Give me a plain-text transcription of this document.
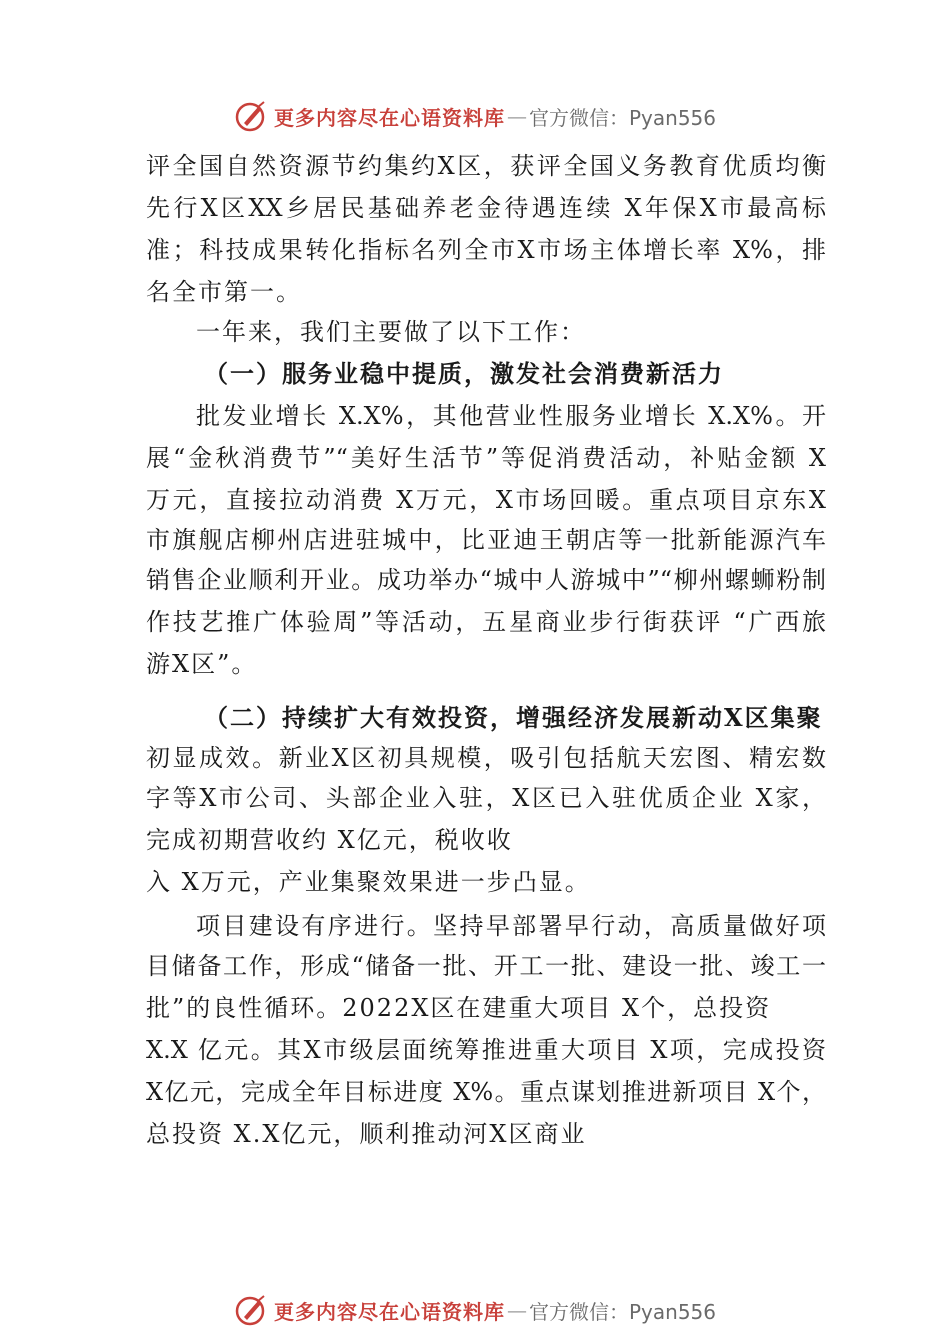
更多内容尽在心语资料库 — 官方微信：Pyan556
评全国自然资源节约集约X区，获评全国义务教育优质均衡
先行X区XX乡居民基础养老金待遇连续 X年保X市最高标
准；科技成果转化指标名列全市X市场主体增长率 X%，排
名全市第一。
一年来，我们主要做了以下工作：
（一）服务业稳中提质，激发社会消费新活力
批发业增长 X.X%，其他营业性服务业增长 X.X%。开
展“金秋消费节”“美好生活节”等促消费活动，补贴金额 X
万元，直接拉动消费 X万元，X市场回暖。重点项目京东X
市旗舰店柳州店进驻城中，比亚迪王朝店等一批新能源汽车
销售企业顺利开业。成功举办“城中人游城中”“柳州螺蛳粉制
作技艺推广体验周”等活动，五星商业步行街获评 “广西旅
游X区”。
（二）持续扩大有效投资，增强经济发展新动X区集聚
初显成效。新业X区初具规模，吸引包括航天宏图、精宏数
字等X市公司、头部企业入驻，X区已入驻优质企业 X家，
完成初期营收约 X亿元，税收收
入 X万元，产业集聚效果进一步凸显。
项目建设有序进行。坚持早部署早行动，高质量做好项
目储备工作，形成“储备一批、开工一批、建设一批、竣工一
批”的良性循环。2022X区在建重大项目 X个，总投资
X.X 亿元。其X市级层面统筹推进重大项目 X项，完成投资
X亿元，完成全年目标进度 X%。重点谋划推进新项目 X个，
总投资 X.X亿元，顺利推动河X区商业
更多内容尽在心语资料库 — 官方微信：Pyan556
